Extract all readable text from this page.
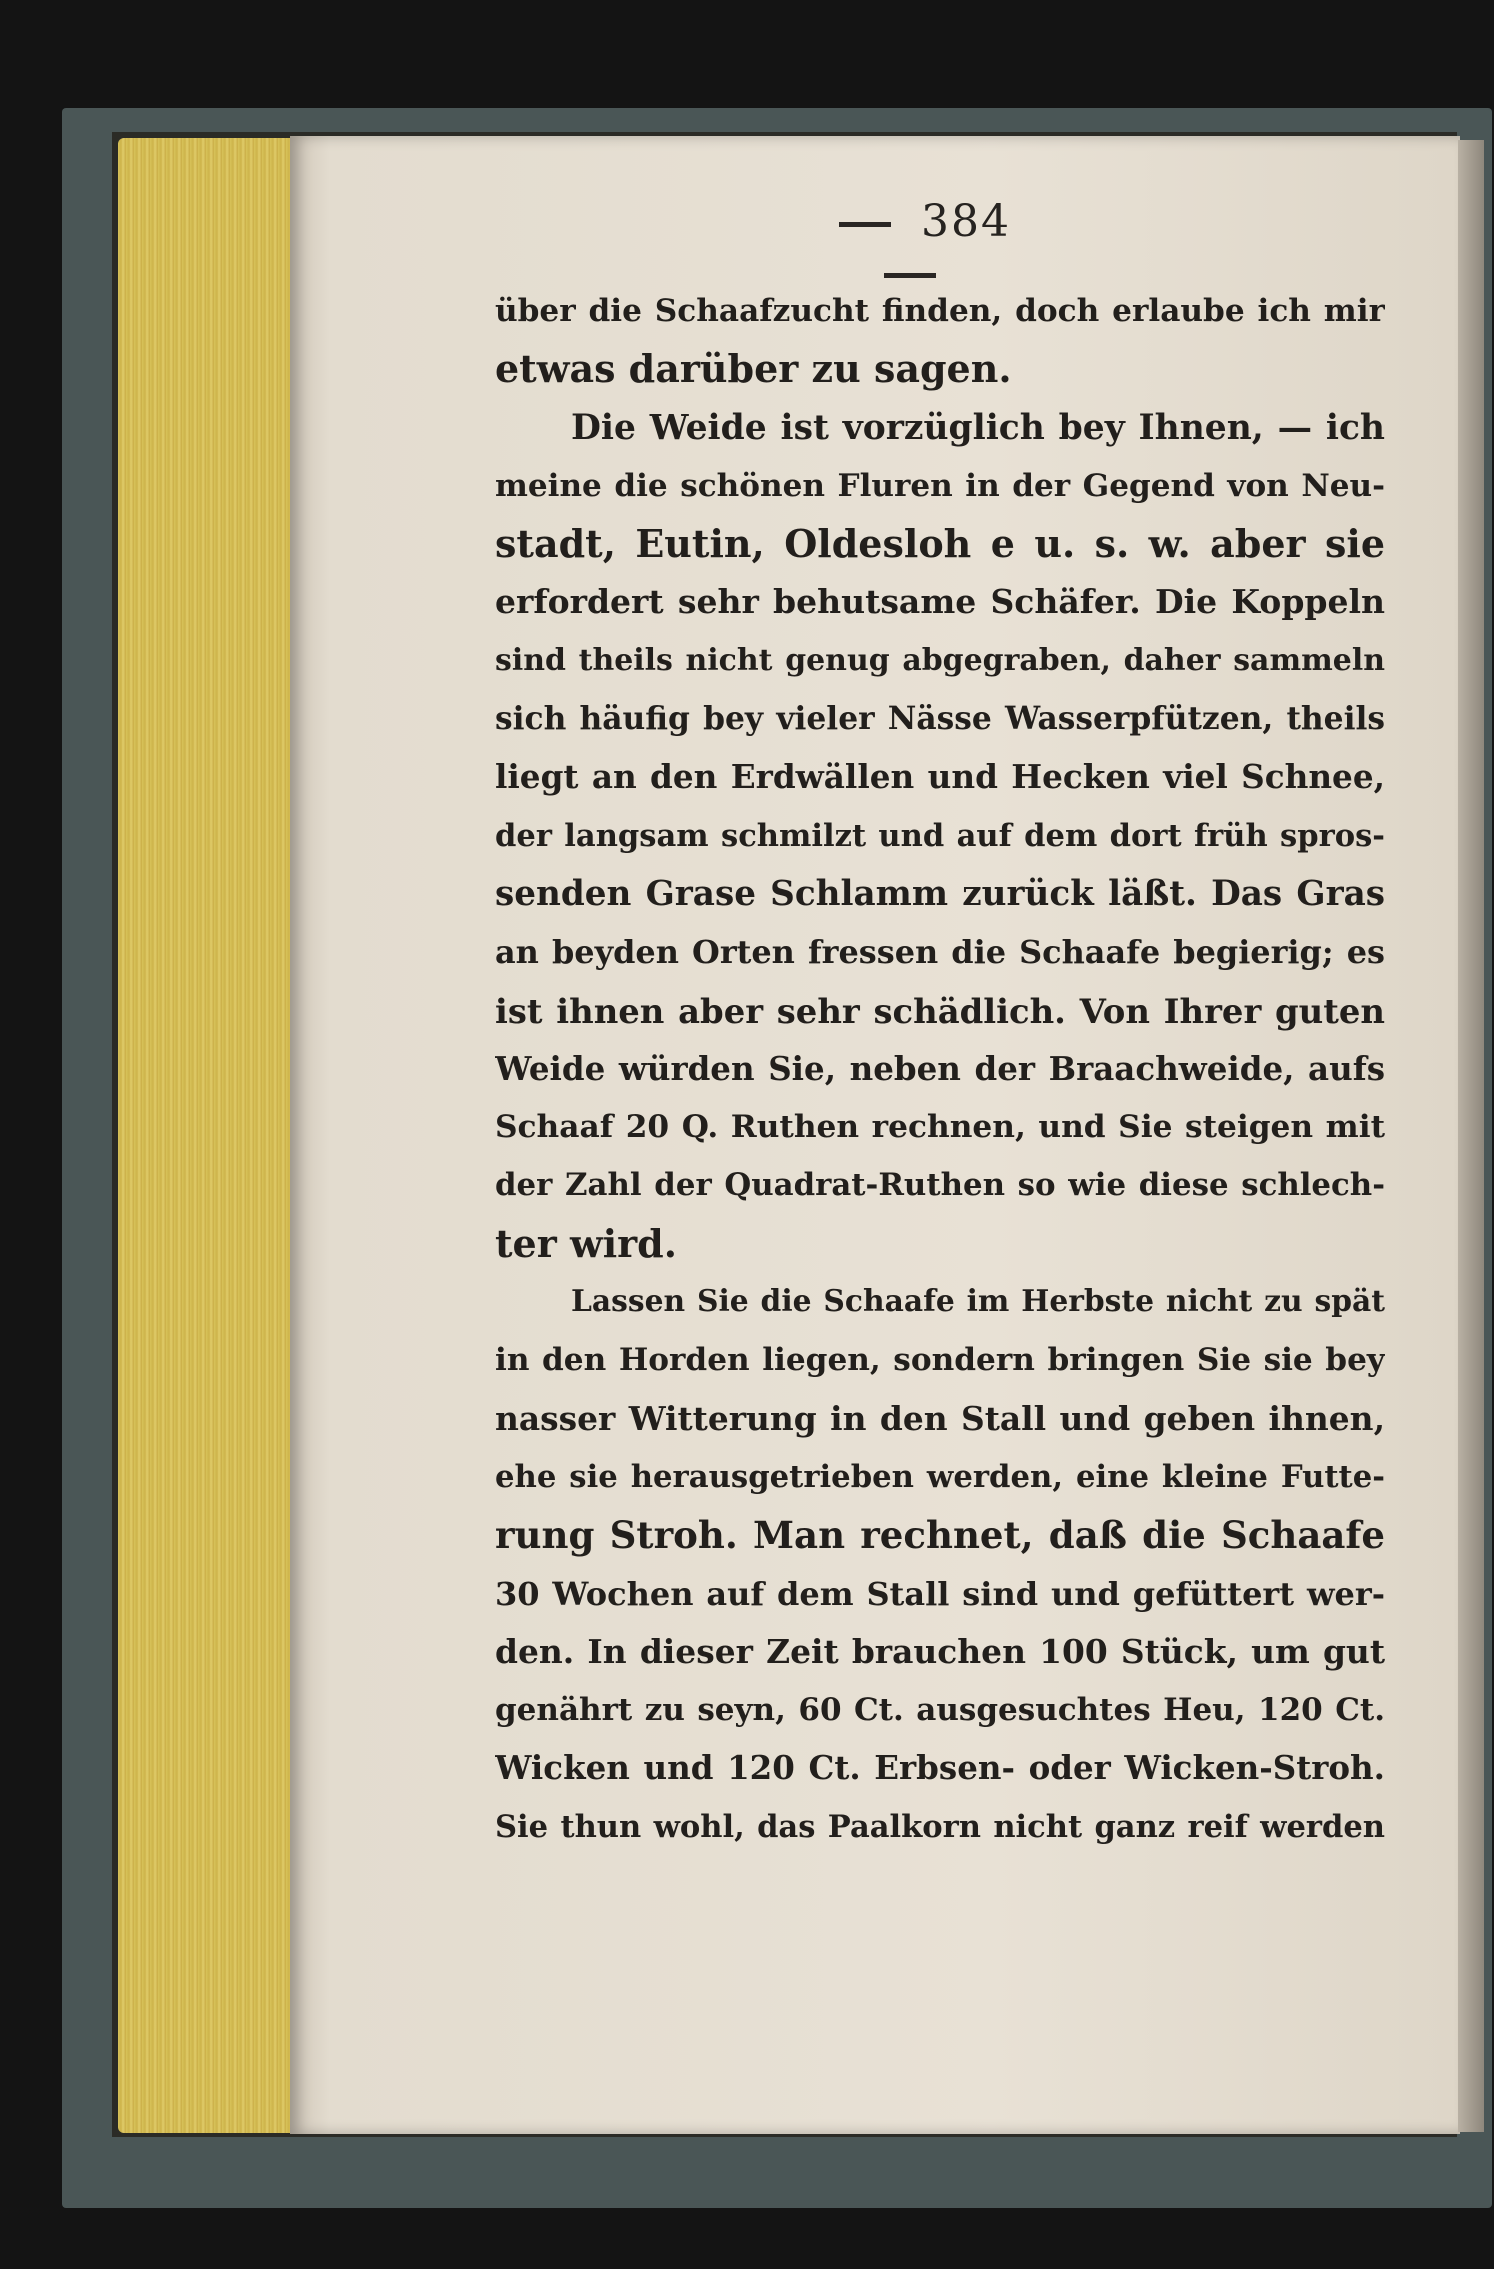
384
über die Schaafzucht finden, doch erlaube ich mir
etwas darüber zu sagen.
Die Weide ist vorzüglich bey Ihnen, — ich
meine die schönen Fluren in der Gegend von Neu-
stadt, Eutin, Oldesloh e u. s. w. aber sie
erfordert sehr behutsame Schäfer. Die Koppeln
sind theils nicht genug abgegraben, daher sammeln
sich häufig bey vieler Nässe Wasserpfützen, theils
liegt an den Erdwällen und Hecken viel Schnee,
der langsam schmilzt und auf dem dort früh spros-
senden Grase Schlamm zurück läßt. Das Gras
an beyden Orten fressen die Schaafe begierig; es
ist ihnen aber sehr schädlich. Von Ihrer guten
Weide würden Sie, neben der Braachweide, aufs
Schaaf 20 Q. Ruthen rechnen, und Sie steigen mit
der Zahl der Quadrat-Ruthen so wie diese schlech-
ter wird.
Lassen Sie die Schaafe im Herbste nicht zu spät
in den Horden liegen, sondern bringen Sie sie bey
nasser Witterung in den Stall und geben ihnen,
ehe sie herausgetrieben werden, eine kleine Futte-
rung Stroh. Man rechnet, daß die Schaafe
30 Wochen auf dem Stall sind und gefüttert wer-
den. In dieser Zeit brauchen 100 Stück, um gut
genährt zu seyn, 60 Ct. ausgesuchtes Heu, 120 Ct.
Wicken und 120 Ct. Erbsen- oder Wicken-Stroh.
Sie thun wohl, das Paalkorn nicht ganz reif werden
